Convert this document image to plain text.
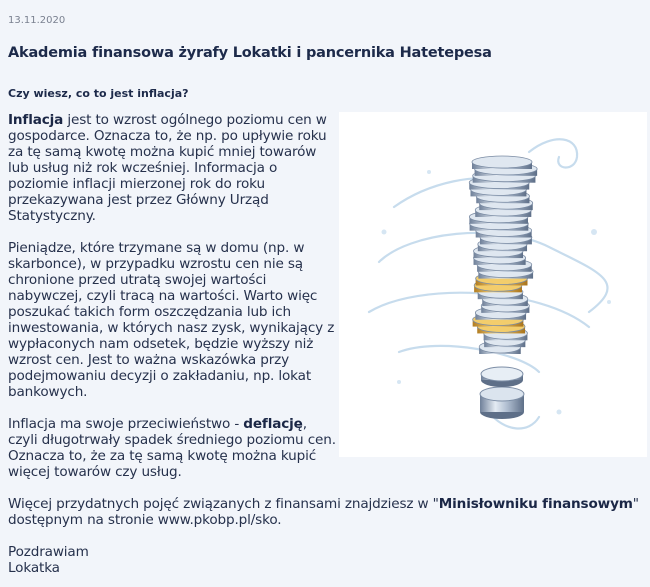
13.11.2020
Akademia finansowa żyrafy Lokatki i pancernika Hatetepesa
Czy wiesz, co to jest inflacja?

Inflacja jest to wzrost ogólnego poziomu cen w gospodarce. Oznacza to, że np. po upływie roku za tę samą kwotę można kupić mniej towarów lub usług niż rok wcześniej. Informacja o poziomie inflacji mierzonej rok do roku przekazywana jest przez Główny Urząd Statystyczny.

Pieniądze, które trzymane są w domu (np. w skarbonce), w przypadku wzrostu cen nie są chronione przed utratą swojej wartości nabywczej, czyli tracą na wartości. Warto więc poszukać takich form oszczędzania lub ich inwestowania, w których nasz zysk, wynikający z wypłaconych nam odsetek, będzie wyższy niż wzrost cen. Jest to ważna wskazówka przy podejmowaniu decyzji o zakładaniu, np. lokat bankowych.

Inflacja ma swoje przeciwieństwo - deflację, czyli długotrwały spadek średniego poziomu cen. Oznacza to, że za tę samą kwotę można kupić więcej towarów czy usług.

Więcej przydatnych pojęć związanych z finansami znajdziesz w "Minisłowniku finansowym" dostępnym na stronie www.pkobp.pl/sko.
Pozdrawiam
Lokatka
